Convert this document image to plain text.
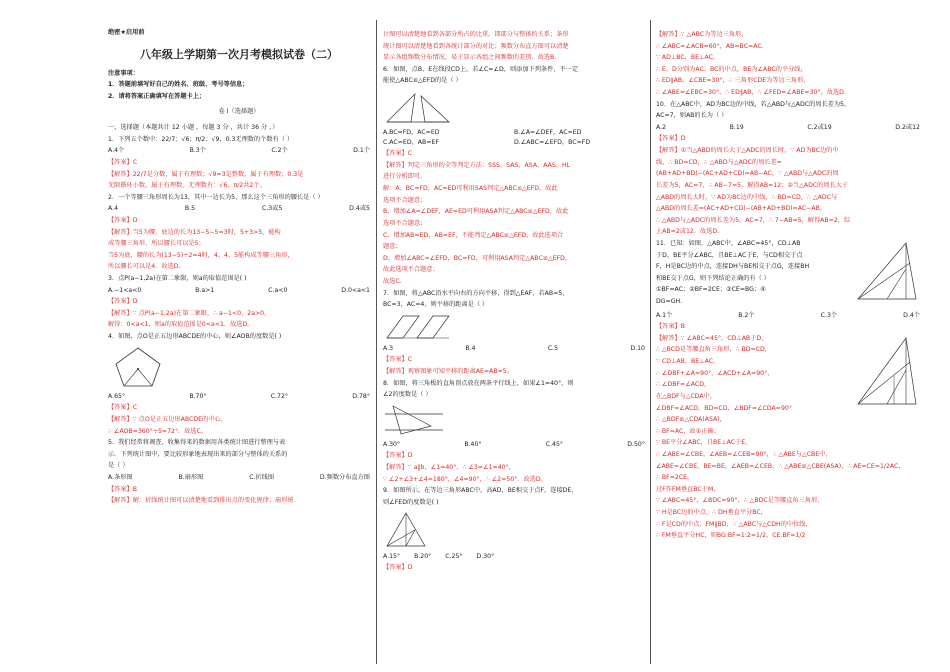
绝密★启用前
八年级上学期第一次月考模拟试卷（二）
注意事项：
1．答题前填写好自己的姓名、班级、考号等信息；
2．请将答案正确填写在答题卡上；
卷 I（选择题）
一、选择题（本题共计 12 小题 ，每题 3 分 ，共计 36 分 ，）
1．下列五个数中：22/7；√6；π/2；√9，0.3无理数的个数有（ ）
A.4个	B.3个	C.2个	D.1个
【答案】C
【解答】22/7是分数，属于有理数；√9=3是整数，属于有理数；0.3是
无限循环小数，属于有理数。无理数有：√6，π/2共2个。
2．一个等腰三角形周长为13，其中一边长为5，那么这个三角形的腰长是（ ）
A.4	B.5	C.3或5	D.4或5
【答案】D
【解答】当5为腰，底边的长为13−5−5=3时，5+3>5，能构
成等腰三角形，所以腰长可以是5；
当5为底，腰的长为(13−5)÷2=4时，4、4、5能构成等腰三角形，
所以腰长可以是4．故选D。
3．点P(a−1,2a)在第二象限，则a的取值范围是( )
A.−1<a<0	B.a>1	C.a<0	D.0<a<1
【答案】D
【解答】∵ 点P(a−1,2a)在第二象限，∴ a−1<0，2a>0，
解得：0<a<1，则a的取值范围是0<a<1．故选D。
4．如图，点O是正五边形ABCDE的中心，则∠AOB的度数是( )
A.65°	B.70°	C.72°	D.78°
【答案】C
【解答】∵ 点O是正五边形ABCDE的中心，
∴ ∠AOB=360°÷5=72°．故选C。
5．我们经常将调查、收集得来的数据用各类统计图进行整理与表
示．下列统计图中，要比较形象地表现出来的部分与整体的关系的
是（ ）
A.条形图	B.扇形图	C.折线图	D.频数分布直方图
【答案】B
【解答】解：折线统计图可以清楚地看到排出点的变化规律；扇形统
计图可以清楚地看到各部分所占的比重，即部分与整体的关系；条形
统计图可以清楚地看到各统计部分的对比；频数分布直方图可以清楚
显示各组频数分布情况，易于显示各组之间频数的差别．故选B.
6．如图，点B、E在线段CD上，若∠C=∠D，则添加下列条件，不一定
能使△ABC≌△EFD的是（ ）
A.BC=FD，AC=ED	B.∠A=∠DEF，AC=ED
C.AC=ED，AB=EF	D.∠ABC=∠EFD，BC=FD
【答案】C
【解答】判定三角形的全等判定方法：SSS、SAS、ASA、AAS、HL
进行分析即可.
解：A、BC=FD，AC=ED可利用SAS判定△ABC≌△EFD，故此
选项不合题意；
B、增加∠A=∠DEF，AE=ED可利用ASA判定△ABC≌△EFD，故此
选项不合题意；
C、增加AB=ED，AB=EF，不能判定△ABC≌△EFD，故此选项合
题意；
D、增加∠ABC=∠EFD，BC=FD，可利用ASA判定△ABC≌△EFD，
故此选项不合题意；
故选C.
7．如图，将△ABC沿水平向右的方向平移，得到△EAF，若AB=5，
BC=3，AC=4，则平移的距离是（ ）
A.3	B.4	C.5	D.10
【答案】C
【解答】观察图象可知平移的距离AE=AB=5。
8．如图，将三角板的直角顶点放在两条平行线上，如果∠1=40°，则
∠2的度数是（ ）
A.30°	B.40°	C.45°	D.50°
【答案】D
【解答】∵ a∥b，∠1=40°，∴ ∠3=∠1=40°，
∵ ∠2+∠3+∠4=180°，∠4=90°，∴ ∠2=50°．故选D。
9．如图所示，在等边三角形ABC中，高AD，BE相交于点F，连接DE，
则∠FED的度数是( )
A.15° B.20° C.25° D.30°
【答案】D
【解答】∵ △ABC为等边三角形，
∴ ∠ABC=∠ACB=60°，AB=BC=AC.
∵ AD⊥BC，BE⊥AC，
∴ E、D分别为AC、BC的中点，BE为∠ABC的平分线，
∴ ED∥AB，∠CBE=30°，∴ 三角形CDE为等边三角形，
∴ ∠ABE=∠EBC=30°，∴ ED∥AB，∴ ∠FED=∠ABE=30°，故选D.
10．在△ABC中，AD为BC边的中线，若△ABD与△ADC的周长差为5，
AC=7，则AB的长为（ ）
A.2	B.19	C.2或19	D.2或12
【答案】D
【解答】①当△ABD的周长大于△ADC的周长时，∵ AD为BC边的中
线，∴ BD=CD，∴ △ABD与△ADC的周长差=
(AB+AD+BD)−(AC+AD+CD)=AB−AC，∵ △ABD与△ADC的周
长差为5，AC=7，∴ AB−7=5，解得AB=12；②当△ADC的周长大于
△ABD的周长大时，∵ AD为BC边的中线，∴ BD=CD，∴ △ADC与
△ABD的周长差=(AC+AD+CD)−(AB+AD+BD)=AC−AB，
∴ △ABD与△ADC的周长差为5，AC=7，∴ 7−AB=5，解得AB=2，综
上AB=2或12．故选D.
11．已知：如图，△ABC中，∠ABC=45°，CD⊥AB
于D，BE平分∠ABC，且BE⊥AC于E，与CD相交于点
F，H是BC边的中点，连接DH与BE相交于点G，连接BH
和BE交于点G，则下列结论正确的有（ ）
①BF=AC；②BF=2CE；③CE=BG；④
DG=GH.
A.1个	B.2个	C.3个	D.4个
【答案】B
【解答】∵ ∠ABC=45°，CD⊥AB于D，
∴ △BCD是等腰直角三角形，∴ BD=CD，
∵ CD⊥AB，BE⊥AC，
∴ ∠DBF+∠A=90°，∠ACD+∠A=90°，
∴ ∠DBF=∠ACD，
在△BDF与△CDA中，
∠DBF=∠ACD，BD=CD，∠BDF=∠CDA=90°
∴ △BDF≌△CDA(ASA)，
∴ BF=AC，故①正确；
∵ BE平分∠ABC，且BE⊥AC于E，
∴ ∠ABE=∠CBE，∠AEB=∠CEB=90°，∴ △ABE与△CBE中，
∠ABE=∠CBE，BE=BE，∠AEB=∠CEB，∴ △ABE≌△CBE(ASA)，∴ AE=CE=1/2AC，
∴ BF=2CE，
过F作FM垂直BC于M，
∵ ∠ABC=45°，∠BDC=90°，∴ △BDC是等腰直角三角形，
∵ H是BC边的中点，∴ DH垂直平分BC，
∴ F是CD的中点，FM∥BD，∴ △ABC与△CDH的中位线，
∴ FM垂直平分HC，则BG:BF=1:2=1/2，CE:BF=1/2
